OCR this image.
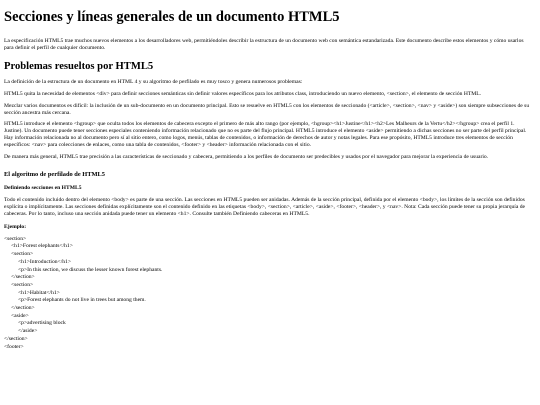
Secciones y líneas generales de un documento HTML5

La especificación HTML5 trae muchos nuevos elementos a los desarrolladores web, permitiéndoles describir la estructura de un documento web con semántica estandarizada. Este documento describe estos elementos y cómo usarlos para definir el perfil de cualquier documento.

Problemas resueltos por HTML5

La definición de la estructura de un documento en HTML 4 y su algoritmo de perfilado es muy tosco y genera numerosos problemas:

HTML5 quita la necesidad de elementos <div> para definir secciones semánticas sin definir valores específicos para los atributos class, introduciendo un nuevo elemento, <section>, el elemento de sección HTML.

Mezclar varios documentos es difícil: la inclusión de un sub-documento en un documento principal. Esto se resuelve en HTML5 con los elementos de seccionado (<article>, <section>, <nav> y <aside>) son siempre subsecciones de su sección ancestra más cercana.

HTML5 introduce el elemento <hgroup> que oculta todos los elementos de cabecera excepto el primero de más alto rango (por ejemplo, <hgroup><h1>Justine</h1><h2>Les Malheurs de la Vertu</h2></hgroup> crea el perfil 1. Justine). Un documento puede tener secciones especiales conteniendo información relacionado que no es parte del flujo principal. HTML5 introduce el elemento <aside> permitiendo a dichas secciones no ser parte del perfil principal. Hay información relacionada no al documento pero sí al sitio entero, como logos, menús, tablas de contenidos, o información de derechos de autor y notas legales. Para ese propósito, HTML5 introduce tres elementos de sección específicos: <nav> para colecciones de enlaces, como una tabla de contenidos, <footer> y <header> información relacionada con el sitio.

De manera más general, HTML5 trae precisión a las características de seccionado y cabecera, permitiendo a los perfiles de documento ser predecibles y usados por el navegador para mejorar la experiencia de usuario.

El algoritmo de perfilado de HTML5
Definiendo secciones en HTML5

Todo el contenido incluido dentro del elemento <body> es parte de una sección. Las secciones en HTML5 pueden ser anidadas. Además de la sección principal, definida por el elemento <body>, los límites de la sección son definidos explícita o implícitamente. Las secciones definidas explícitamente son el contenido definido en las etiquetas <body>, <section>, <article>, <aside>, <footer>, <header>, y <nav>. Nota: Cada sección puede tener su propia jerarquía de cabeceras. Por lo tanto, incluso una sección anidada puede tener un elemento <h1>. Consulte también Definiendo cabeceras en HTML5.

Ejemplo:
<section>
<h1>Forest elephants</h1>
<section>
<h1>Introduction</h1>
<p>In this section, we discuss the lesser known forest elephants.
</section>
<section>
<h1>Habitat</h1>
<p>Forest elephants do not live in trees but among them.
</section>
<aside>
<p>advertising block
</aside>
</section>
<footer>
